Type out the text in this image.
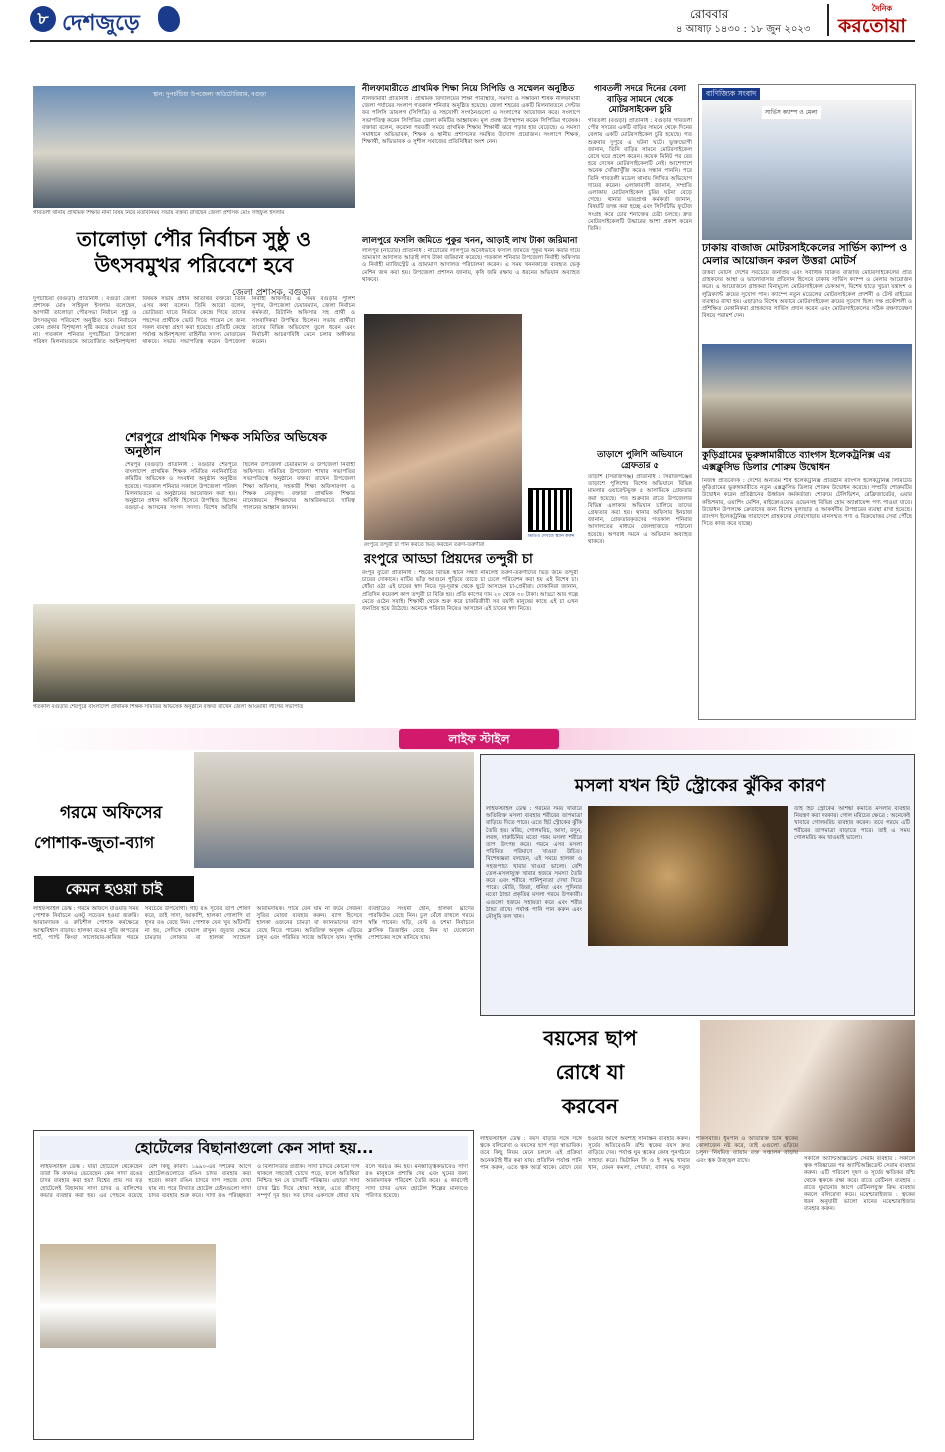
৮ দেশজুড়ে	রোববার
৪ আষাঢ় ১৪৩০ : ১৮ জুন ২০২৩
দৈনিক
করতোয়া
স্থান: দুপচাঁচিয়া উপজেলা অডিটোরিয়াম, বগুড়া
গাবতলী থানায় প্রাথমিক শিক্ষার নানা বিষয় নিয়ে মতবিনিময় সভায় বক্তব্য রাখছেন জেলা প্রশাসক মোঃ সাইফুল ইসলাম
তালোড়া পৌর নির্বাচন সুষ্ঠু ও উৎসবমুখর পরিবেশে হবে
জেলা প্রশাসক, বগুড়া
দুপচাঁচিয়া (বগুড়া) প্রতিনিধি : বগুড়া জেলা প্রশাসক মোঃ সাইফুল ইসলাম বলেছেন, আগামী তালোড়া পৌরসভা নির্বাচন সুষ্ঠু ও উৎসবমুখর পরিবেশে অনুষ্ঠিত হবে। নির্বাচনে কোন প্রকার বিশৃঙ্খলা সৃষ্টি করতে দেওয়া হবে না। গতকাল শনিবার দুপচাঁচিয়া উপজেলা পরিষদ মিলনায়তনে আয়োজিত আইনশৃঙ্খলা বিষয়ক সভায় প্রধান অতিথির বক্তব্যে তিনি এসব কথা বলেন। তিনি আরো বলেন, ভোটাররা যাতে নির্ভয়ে কেন্দ্রে গিয়ে তাদের পছন্দের প্রার্থীকে ভোট দিতে পারেন সে জন্য সকল ব্যবস্থা গ্রহণ করা হয়েছে। প্রতিটি কেন্দ্রে পর্যাপ্ত আইনশৃঙ্খলা বাহিনীর সদস্য মোতায়েন থাকবে। সভায় সভাপতিত্ব করেন উপজেলা নির্বাহী অফিসার। এ সময় বগুড়ার পুলিশ সুপার, উপজেলা চেয়ারম্যান, জেলা নির্বাচন কর্মকর্তা, রিটার্নিং অফিসার সহ প্রার্থী ও সাংবাদিকরা উপস্থিত ছিলেন। সভায় প্রার্থীরা তাদের বিভিন্ন অভিযোগ তুলে ধরেন এবং নির্বাচনী আচরণবিধি মেনে চলার অঙ্গীকার করেন।
শেরপুরে প্রাথমিক শিক্ষক সমিতির অভিষেক অনুষ্ঠান
শেরপুর (বগুড়া) প্রতিনিধি : বগুড়ার শেরপুরে বাংলাদেশ প্রাথমিক শিক্ষক সমিতির নবনির্বাচিত কমিটির অভিষেক ও সংবর্ধনা অনুষ্ঠান অনুষ্ঠিত হয়েছে। গতকাল শনিবার সকালে উপজেলা পরিষদ মিলনায়তনে এ অনুষ্ঠানের আয়োজন করা হয়। অনুষ্ঠানে প্রধান অতিথি হিসেবে উপস্থিত ছিলেন বগুড়া-৫ আসনের সংসদ সদস্য। বিশেষ অতিথি ছিলেন উপজেলা চেয়ারম্যান ও উপজেলা নির্বাহী অফিসার। সমিতির উপজেলা শাখার সভাপতির সভাপতিত্বে অনুষ্ঠানে বক্তব্য রাখেন উপজেলা শিক্ষা অফিসার, সহকারী শিক্ষা অফিসারগণ ও শিক্ষক নেতৃবৃন্দ। বক্তারা প্রাথমিক শিক্ষার মানোন্নয়নে শিক্ষকদের আন্তরিকভাবে দায়িত্ব পালনের আহ্বান জানান।
গতকাল বগুড়ার শেরপুরে বাংলাদেশ প্রাথমিক শিক্ষক সমিতির অভিষেক অনুষ্ঠানে বক্তব্য রাখেন জেলা আওয়ামী লীগের সভাপতি
নীলফামারীতে প্রাথমিক শিক্ষা নিয়ে সিপিডি ও সম্মেলন অনুষ্ঠিত
নীলফামারী প্রতিনিধি : প্রাথমিক বিদ্যালয়ের শিক্ষা পরিস্থিতি, সমস্যা ও সম্ভাবনা শীর্ষক নীলফামারী জেলা পর্যায়ের সংলাপ গতকাল শনিবার অনুষ্ঠিত হয়েছে। জেলা শহরের একটি মিলনায়তনে সেন্টার ফর পলিসি ডায়লগ (সিপিডি) ও সহযোগী সংগঠনগুলো এ সংলাপের আয়োজন করে। সংলাপে সভাপতিত্ব করেন সিপিডির জেলা কমিটির আহ্বায়ক। মূল প্রবন্ধ উপস্থাপন করেন সিপিডির গবেষক। বক্তারা বলেন, করোনা পরবর্তী সময়ে প্রাথমিক শিক্ষায় শিক্ষার্থী ঝরে পড়ার হার বেড়েছে। এ সমস্যা সমাধানে অভিভাবক, শিক্ষক ও স্থানীয় প্রশাসনের সমন্বিত উদ্যোগ প্রয়োজন। সংলাপে শিক্ষক, শিক্ষার্থী, অভিভাবক ও সুশীল সমাজের প্রতিনিধিরা অংশ নেন।
লালপুরে ফসলি জমিতে পুকুর খনন, আড়াই লাখ টাকা জরিমানা
লালপুর (নাটোর) প্রতিনিধি : নাটোরের লালপুরে অবৈধভাবে ফসলি জমিতে পুকুর খনন করার দায়ে ভ্রাম্যমাণ আদালত আড়াই লাখ টাকা জরিমানা করেছে। গতকাল শনিবার উপজেলা নির্বাহী অফিসার ও নির্বাহী ম্যাজিস্ট্রেট এ ভ্রাম্যমাণ আদালত পরিচালনা করেন। এ সময় খননকাজে ব্যবহৃত ভেকু মেশিন জব্দ করা হয়। উপজেলা প্রশাসন জানায়, কৃষি জমি রক্ষায় এ ধরনের অভিযান অব্যাহত থাকবে।
ভিডিও দেখতে স্ক্যান করুন
রংপুরে তন্দুরী চা পান করতে ভিড় করছেন তরুণ-তরুণীরা
রংপুরে আড্ডা প্রিয়দের তন্দুরী চা
রংপুর ব্যুরো প্রতিনিধি : শহরের বিভিন্ন স্থানে সন্ধ্যা নামলেই তরুণ-তরুণীদের ভিড় জমে তন্দুরী চায়ের দোকানে। মাটির ভাঁড় আগুনে পুড়িয়ে তাতে চা ঢেলে পরিবেশন করা হয় এই বিশেষ চা। ধোঁয়া ওঠা এই চায়ের স্বাদ নিতে দূর-দূরান্ত থেকে ছুটে আসছেন চা-প্রেমীরা। দোকানিরা জানান, প্রতিদিন কয়েকশ কাপ তন্দুরী চা বিক্রি হয়। প্রতি কাপের দাম ২০ থেকে ৩০ টাকা। আড্ডা আর গল্পে মেতে ওঠেন সবাই। শিক্ষার্থী থেকে শুরু করে চাকরিজীবী সব বয়সী মানুষের কাছে এই চা এখন জনপ্রিয় হয়ে উঠেছে। অনেকে পরিবার নিয়েও আসছেন এই চায়ের স্বাদ নিতে।
গাবতলী সদরে দিনের বেলা বাড়ির সামনে থেকে মোটরসাইকেল চুরি
গাবতলী (বগুড়া) প্রতিনিধি : বগুড়ার গাবতলী পৌর সদরের একটি বাড়ির সামনে থেকে দিনের বেলায় একটি মোটরসাইকেল চুরি হয়েছে। গত শুক্রবার দুপুরে এ ঘটনা ঘটে। ভুক্তভোগী জানান, তিনি বাড়ির সামনে মোটরসাইকেল রেখে ঘরে প্রবেশ করেন। কয়েক মিনিট পর বের হয়ে দেখেন মোটরসাইকেলটি নেই। আশেপাশে অনেক খোঁজাখুঁজি করেও সন্ধান পাননি। পরে তিনি গাবতলী মডেল থানায় লিখিত অভিযোগ দায়ের করেন। এলাকাবাসী জানান, সম্প্রতি এলাকায় মোটরসাইকেল চুরির ঘটনা বেড়ে গেছে। থানার ভারপ্রাপ্ত কর্মকর্তা জানান, বিষয়টি তদন্ত করা হচ্ছে এবং সিসিটিভি ফুটেজ সংগ্রহ করে চোর শনাক্তের চেষ্টা চলছে। দ্রুত মোটরসাইকেলটি উদ্ধারের আশা প্রকাশ করেন তিনি।
তাড়াশে পুলিশি অভিযানে গ্রেফতার ৫
তাড়াশ (সিরাজগঞ্জ) প্রতিনিধি : সিরাজগঞ্জের তাড়াশে পুলিশের বিশেষ অভিযানে বিভিন্ন মামলার ওয়ারেন্টভুক্ত ৫ আসামিকে গ্রেফতার করা হয়েছে। গত শুক্রবার রাতে উপজেলার বিভিন্ন এলাকায় অভিযান চালিয়ে তাদের গ্রেফতার করা হয়। থানার অফিসার ইনচার্জ জানান, গ্রেফতারকৃতদের গতকাল শনিবার আদালতের মাধ্যমে জেলহাজতে পাঠানো হয়েছে। অপরাধ দমনে এ অভিযান অব্যাহত থাকবে।
বাণিজ্যিক সংবাদ
সার্ভিস ক্যাম্প ও মেলা
ঢাকায় বাজাজ মোটরসাইকেলের সার্ভিস ক্যাম্প ও মেলার আয়োজন করল উত্তরা মোটর্স
উত্তরা মোটর্স দেশের সবচেয়ে জনপ্রিয় এবং সর্বাধিক বিক্রিত বাজাজ মোটরসাইকেলের প্রতি গ্রাহকদের আস্থা ও ভালোবাসার প্রতিদান হিসেবে ঢাকায় সার্ভিস ক্যাম্প ও মেলার আয়োজন করে। এ আয়োজনে গ্রাহকরা বিনামূল্যে মোটরসাইকেল চেকআপ, বিশেষ ছাড়ে খুচরা যন্ত্রাংশ ও লুব্রিক্যান্ট ক্রয়ের সুযোগ পান। ক্যাম্পে নতুন মডেলের মোটরসাইকেল প্রদর্শনী ও টেস্ট রাইডের ব্যবস্থাও রাখা হয়। এছাড়াও বিশেষ অফারে মোটরসাইকেল ক্রয়ের সুযোগ ছিল। দক্ষ প্রকৌশলী ও প্রশিক্ষিত মেকানিকরা গ্রাহকদের সার্ভিস প্রদান করেন এবং মোটরসাইকেলের সঠিক রক্ষণাবেক্ষণ বিষয়ে পরামর্শ দেন।
কুড়িগ্রামের ভুরুঙ্গামারীতে ব্যাংগস ইলেকট্রনিক্স এর এক্সক্লুসিভ ডিলার শোরুম উদ্বোধন
নিজস্ব প্রতিবেদক : দেশের অন্যতম শীর্ষ ইলেকট্রনিক্স প্রতিষ্ঠান র‍্যাংগস ইলেকট্রনিক্স লিমিটেড কুড়িগ্রামের ভুরুঙ্গামারীতে নতুন এক্সক্লুসিভ ডিলার শোরুম উদ্বোধন করেছে। সম্প্রতি শোরুমটির উদ্বোধন করেন প্রতিষ্ঠানের ঊর্ধ্বতন কর্মকর্তারা। শোরুমে টেলিভিশন, রেফ্রিজারেটর, এয়ার কন্ডিশনার, ওয়াশিং মেশিন, মাইক্রোওয়েভ ওভেনসহ বিভিন্ন হোম অ্যাপ্লায়েন্স পণ্য পাওয়া যাবে। উদ্বোধন উপলক্ষে ক্রেতাদের জন্য বিশেষ মূল্যছাড় ও আকর্ষণীয় উপহারের ব্যবস্থা রাখা হয়েছে। র‍্যাংগস ইলেকট্রনিক্স সারাদেশে গ্রাহকদের দোরগোড়ায় মানসম্মত পণ্য ও বিক্রয়োত্তর সেবা পৌঁছে দিতে কাজ করে যাচ্ছে।
লাইফ স্টাইল
গরমে অফিসের
পোশাক-জুতা-ব্যাগ
কেমন হওয়া চাই
লাইফস্টাইল ডেস্ক : গরমে অফিসে যাওয়ার সময় পোশাক নির্বাচনে একটু সচেতন হওয়া জরুরি। আরামদায়ক ও রুচিশীল পোশাক কর্মক্ষেত্রে আত্মবিশ্বাস বাড়ায়। হালকা রঙের সুতি কাপড়ের শার্ট, প্যান্ট কিংবা সালোয়ার-কামিজ গরমে সবচেয়ে উপযোগী। গাঢ় রঙ সূর্যের তাপ শোষণ করে, তাই সাদা, আকাশি, হালকা গোলাপি বা ধূসর রঙ বেছে নিন। পোশাক যেন খুব আঁটসাঁট না হয়, সেদিকে খেয়াল রাখুন। জুতার ক্ষেত্রে চামড়ার লোফার বা হালকা স্যান্ডেল আরামদায়ক। পায়ে যেন ঘাম না জমে সেজন্য সুতির মোজা ব্যবহার করুন। ব্যাগ হিসেবে হালকা ওজনের চামড়া বা ক্যানভাসের ব্যাগ বেছে নিতে পারেন। অতিরিক্ত অনুষঙ্গ এড়িয়ে চলুন এবং পরিমিত সাজে অফিসে যান। সুগন্ধি ব্যবহারেও সংযমী হোন, হালকা ঘ্রাণের পারফিউম বেছে নিন। চুল বেঁধে রাখলে গরমে স্বস্তি পাবেন। ঘড়ি, বেল্ট ও চশমা নির্বাচনে ক্লাসিক ডিজাইন বেছে নিন যা যেকোনো পোশাকের সঙ্গে মানিয়ে যায়।
মসলা যখন হিট স্ট্রোকের ঝুঁকির কারণ
লাইফস্টাইল ডেস্ক : গরমের সময় খাবারে অতিরিক্ত মসলা ব্যবহার শরীরের তাপমাত্রা বাড়িয়ে দিতে পারে। এতে হিট স্ট্রোকের ঝুঁকি তৈরি হয়। মরিচ, গোলমরিচ, আদা, রসুন, লবঙ্গ, দারুচিনির মতো গরম মসলা শরীরে তাপ উৎপন্ন করে। গরমে এসব মসলা পরিমিত পরিমাণে খাওয়া উচিত। বিশেষজ্ঞরা বলছেন, এই সময়ে হালকা ও সহজপাচ্য খাবার খাওয়া ভালো। বেশি তেল-মসলাযুক্ত খাবার হজমে সমস্যা তৈরি করে এবং শরীরে পানিশূন্যতা দেখা দিতে পারে। মৌরি, জিরা, ধনিয়া এবং পুদিনার মতো ঠান্ডা প্রকৃতির মসলা গরমে উপকারী। এগুলো হজমে সহায়তা করে এবং শরীর ঠান্ডা রাখে। পর্যাপ্ত পানি পান করুন এবং মৌসুমি ফল খান।
তাই হিট স্ট্রোকের আশঙ্কা কমাতে মসলার ব্যবহার নিয়ন্ত্রণ করা দরকার। গোল মরিচের ক্ষেত্রে : অনেকেই খাবারে গোলমরিচ ব্যবহার করেন। তবে গরমে এটি শরীরের তাপমাত্রা বাড়াতে পারে। তাই এ সময় গোলমরিচ কম খাওয়াই ভালো।
বয়সের ছাপ
রোধে যা
করবেন
লাইফস্টাইল ডেস্ক : বয়স বাড়ার সঙ্গে সঙ্গে ত্বকে বলিরেখা ও বয়সের ছাপ পড়া স্বাভাবিক। তবে কিছু নিয়ম মেনে চললে এই প্রক্রিয়া অনেকটাই ধীর করা যায়। প্রতিদিন পর্যাপ্ত পানি পান করুন, এতে ত্বক আর্দ্র থাকে। রোদে বের হওয়ার আগে অবশ্যই সানস্ক্রিন ব্যবহার করুন। সূর্যের অতিবেগুনি রশ্মি ত্বকের বয়স দ্রুত বাড়িয়ে দেয়। পর্যাপ্ত ঘুম ত্বকের কোষ পুনর্গঠনে সাহায্য করে। ভিটামিন সি ও ই সমৃদ্ধ খাবার খান, যেমন কমলা, পেয়ারা, বাদাম ও সবুজ শাকসবজি। ধূমপান ও অতিরিক্ত চিনি ত্বকের কোলাজেন নষ্ট করে, তাই এগুলো এড়িয়ে চলুন। নিয়মিত ব্যায়াম রক্ত সঞ্চালন বাড়ায় এবং ত্বক উজ্জ্বল রাখে।	সকালে অ্যান্টিঅক্সিডেন্ট সেরাম ব্যবহার : সকালে ত্বক পরিষ্কারের পর অ্যান্টিঅক্সিডেন্ট সেরাম ব্যবহার করুন। এটি পরিবেশ দূষণ ও সূর্যের ক্ষতিকর রশ্মি থেকে ত্বককে রক্ষা করে। রাতে রেটিনল ব্যবহার : রাতে ঘুমানোর আগে রেটিনলযুক্ত ক্রিম ব্যবহার করলে বলিরেখা কমে। ময়েশ্চারাইজার : ত্বকের ধরন অনুযায়ী ভালো মানের ময়েশ্চারাইজার ব্যবহার করুন।
হোটেলের বিছানাগুলো কেন সাদা হয়...
লাইফস্টাইল ডেস্ক : যারা হোটেলে থেকেছেন তারা কি কখনও ভেবেছেন কেন সাদা রঙের চাদর ব্যবহার করা হয়? বিশ্বের প্রায় সব বড় হোটেলেই বিছানায় সাদা চাদর ও বালিশের কভার ব্যবহার করা হয়। এর পেছনে রয়েছে বেশ কিছু কারণ। ১৯৯০-এর দশকের আগে হোটেলগুলোতে রঙিন চাদর ব্যবহার করা হতো। কারণ রঙিন চাদরে দাগ সহজে দেখা যায় না। পরে বিখ্যাত হোটেল চেইনগুলো সাদা চাদর ব্যবহার শুরু করে। সাদা রঙ পরিচ্ছন্নতা ও বিলাসিতার প্রতীক। সাদা চাদরে কোনো দাগ থাকলে সহজেই চোখে পড়ে, ফলে অতিথিরা নিশ্চিত হন যে চাদরটি পরিষ্কার। এছাড়া সাদা চাদর ব্লিচ দিয়ে ধোয়া সহজ, এতে জীবাণু সম্পূর্ণ দূর হয়। সব চাদর একসঙ্গে ধোয়া যায় বলে খরচও কম হয়। মনস্তাত্ত্বিকভাবেও সাদা রঙ মানুষকে প্রশান্তি দেয় এবং ঘুমের জন্য আরামদায়ক পরিবেশ তৈরি করে। এ কারণেই সাদা চাদর এখন হোটেল শিল্পের মানদণ্ডে পরিণত হয়েছে।
